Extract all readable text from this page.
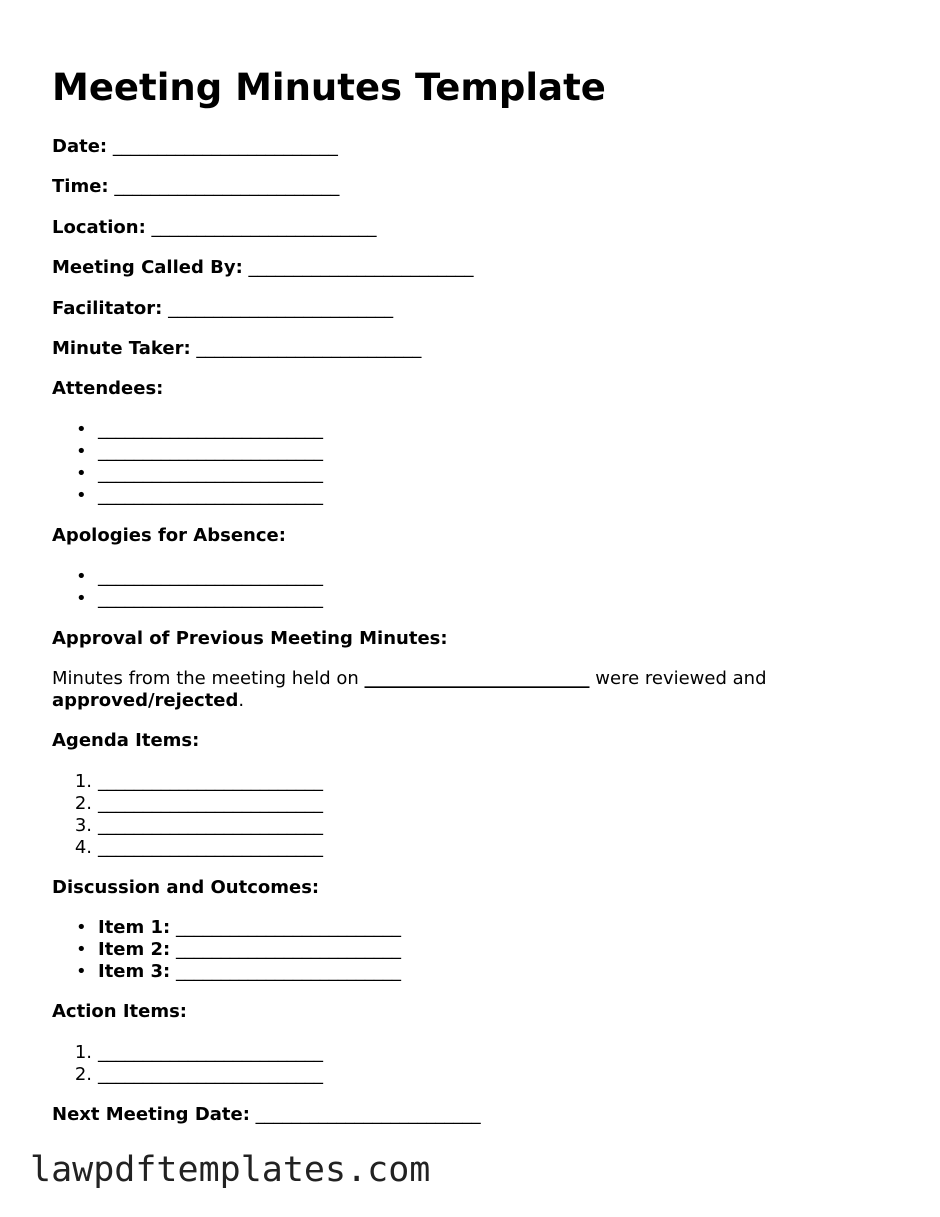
Meeting Minutes Template
Date: _________________________
Time: _________________________
Location: _________________________
Meeting Called By: _________________________
Facilitator: _________________________
Minute Taker: _________________________
Attendees:
• _________________________
• _________________________
• _________________________
• _________________________
Apologies for Absence:
• _________________________
• _________________________
Approval of Previous Meeting Minutes:
Minutes from the meeting held on _________________________ were reviewed and
approved/rejected.
Agenda Items:
1. _________________________
2. _________________________
3. _________________________
4. _________________________
Discussion and Outcomes:
• Item 1: _________________________
• Item 2: _________________________
• Item 3: _________________________
Action Items:
1. _________________________
2. _________________________
Next Meeting Date: _________________________
lawpdftemplates.com
